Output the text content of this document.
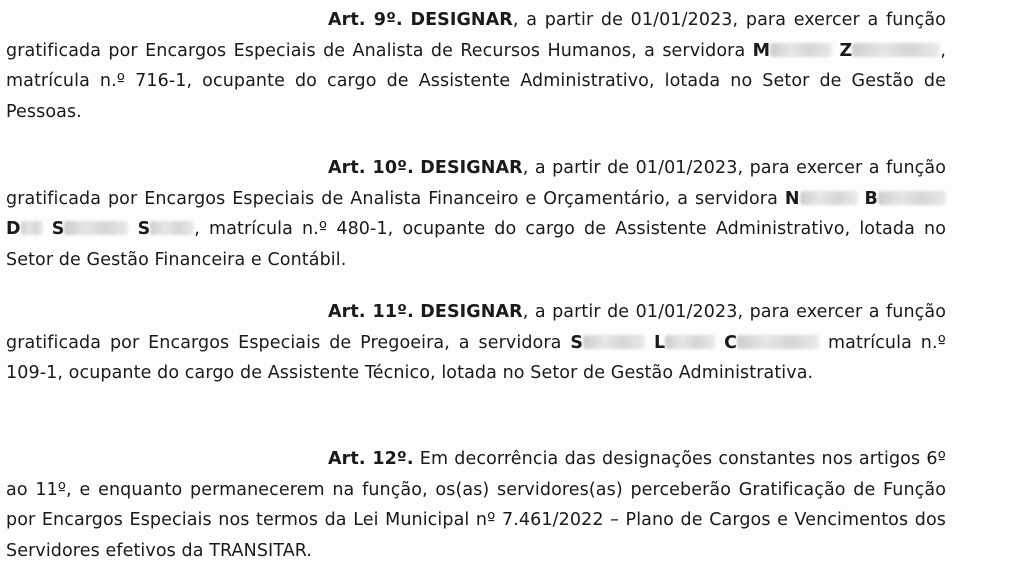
Art. 9º. DESIGNAR, a partir de 01/01/2023, para exercer a função gratificada por Encargos Especiais de Analista de Recursos Humanos, a servidora M	Z	, matrícula n.º 716-1, ocupante do cargo de Assistente Administrativo, lotada no Setor de Gestão de Pessoas.

Art. 10º. DESIGNAR, a partir de 01/01/2023, para exercer a função gratificada por Encargos Especiais de Analista Financeiro e Orçamentário, a servidora N	B D S	S	, matrícula n.º 480-1, ocupante do cargo de Assistente Administrativo, lotada no Setor de Gestão Financeira e Contábil.

Art. 11º. DESIGNAR, a partir de 01/01/2023, para exercer a função gratificada por Encargos Especiais de Pregoeira, a servidora S	L	C	matrícula n.º 109-1, ocupante do cargo de Assistente Técnico, lotada no Setor de Gestão Administrativa.

Art. 12º. Em decorrência das designações constantes nos artigos 6º ao 11º, e enquanto permanecerem na função, os(as) servidores(as) perceberão Gratificação de Função por Encargos Especiais nos termos da Lei Municipal nº 7.461/2022 – Plano de Cargos e Vencimentos dos Servidores efetivos da TRANSITAR.
